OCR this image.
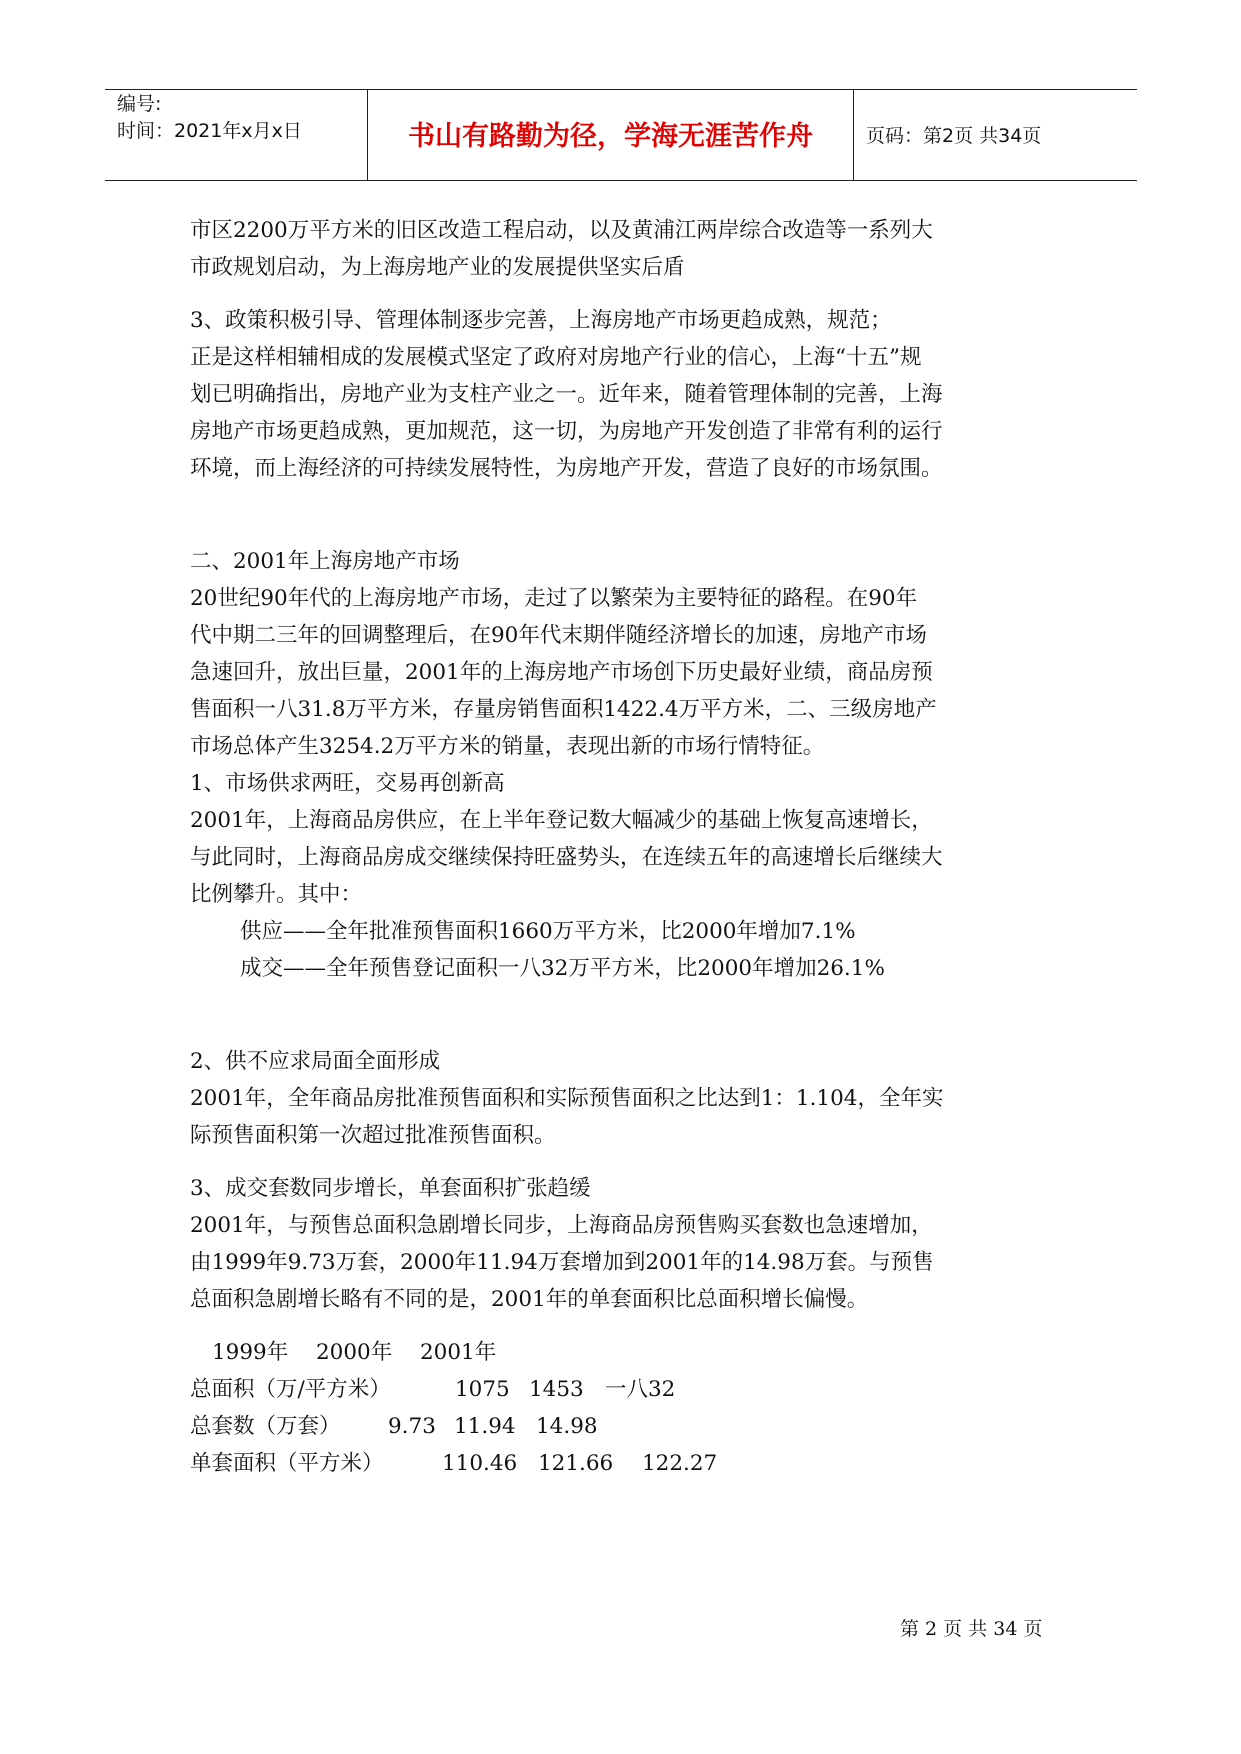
编号:
时间：2021年x月x日	书山有路勤为径，学海无涯苦作舟	页码：第2页 共34页

市区2200万平方米的旧区改造工程启动，以及黄浦江两岸综合改造等一系列大

市政规划启动，为上海房地产业的发展提供坚实后盾

3、政策积极引导、管理体制逐步完善，上海房地产市场更趋成熟，规范；

正是这样相辅相成的发展模式坚定了政府对房地产行业的信心，上海“十五”规

划已明确指出，房地产业为支柱产业之一。近年来，随着管理体制的完善，上海

房地产市场更趋成熟，更加规范，这一切，为房地产开发创造了非常有利的运行

环境，而上海经济的可持续发展特性，为房地产开发，营造了良好的市场氛围。

二、2001年上海房地产市场

20世纪90年代的上海房地产市场，走过了以繁荣为主要特征的路程。在90年

代中期二三年的回调整理后，在90年代末期伴随经济增长的加速，房地产市场

急速回升，放出巨量，2001年的上海房地产市场创下历史最好业绩，商品房预

售面积一八31.8万平方米，存量房销售面积1422.4万平方米，二、三级房地产

市场总体产生3254.2万平方米的销量，表现出新的市场行情特征。

1、市场供求两旺，交易再创新高

2001年，上海商品房供应，在上半年登记数大幅减少的基础上恢复高速增长，

与此同时，上海商品房成交继续保持旺盛势头，在连续五年的高速增长后继续大

比例攀升。其中：

供应——全年批准预售面积1660万平方米，比2000年增加7.1%

成交——全年预售登记面积一八32万平方米，比2000年增加26.1%

2、供不应求局面全面形成

2001年，全年商品房批准预售面积和实际预售面积之比达到1：1.104，全年实

际预售面积第一次超过批准预售面积。

3、成交套数同步增长，单套面积扩张趋缓

2001年，与预售总面积急剧增长同步，上海商品房预售购买套数也急速增加，

由1999年9.73万套，2000年11.94万套增加到2001年的14.98万套。与预售

总面积急剧增长略有不同的是，2001年的单套面积比总面积增长偏慢。

1999年	2000年	2001年
总面积（万/平方米）	1075 1453 一八32
总套数（万套）	9.73 11.94 14.98
单套面积（平方米）	110.46 121.66	122.27
第 2 页 共 34 页
